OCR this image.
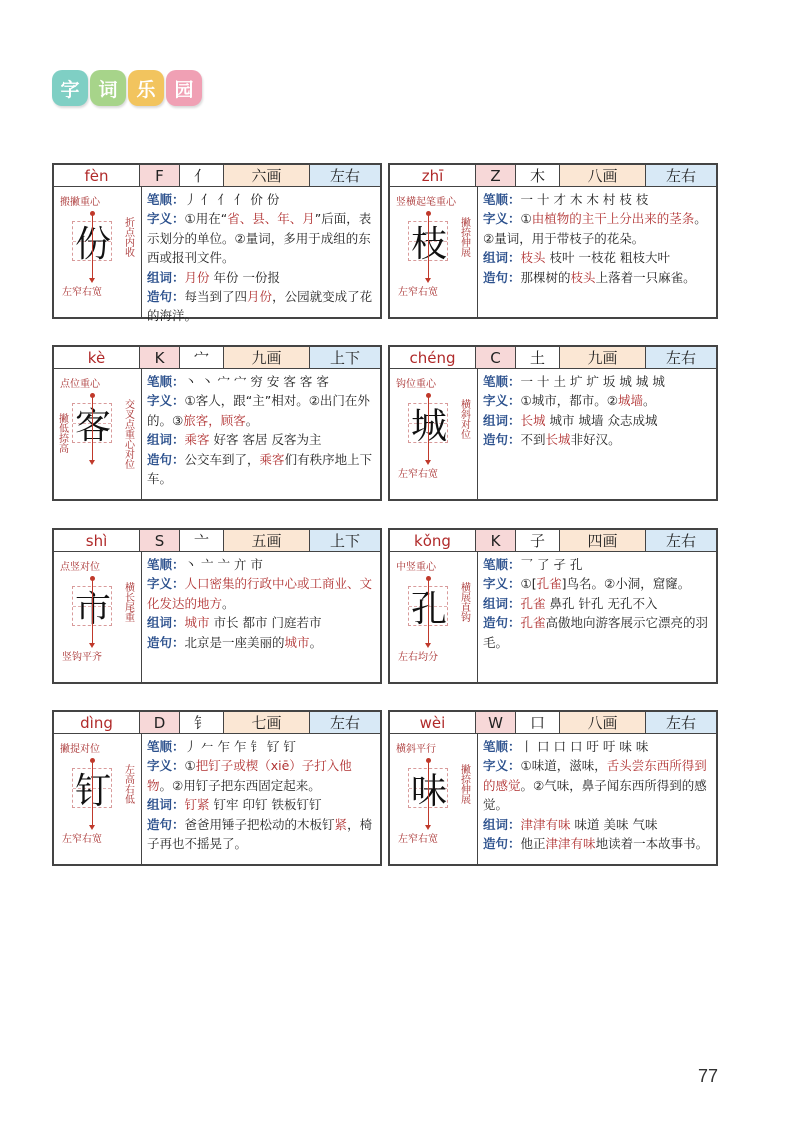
字 词 乐 园
fèn	F	亻	六画	左右
搬撇重心
份 折点内收
左窄右宽
笔顺：丿 亻 亻 亻 价 份
字义：①用在“省、县、年、月”后面，表示划分的单位。②量词，多用于成组的东西或报刊文件。
组词：月份 年份 一份报
造句：每当到了四月份，公园就变成了花的海洋。
zhī	Z	木	八画	左右
竖横起笔重心
枝 撇捺伸展
左窄右宽
笔顺：一 十 才 木 木 村 枝 枝
字义：①由植物的主干上分出来的茎条。②量词，用于带枝子的花朵。
组词：枝头 枝叶 一枝花 粗枝大叶
造句：那棵树的枝头上落着一只麻雀。
kè	K	宀	九画	上下
点位重心
客 交叉点重心对位
撇低捺高
笔顺：丶 丶 宀 宀 穷 安 客 客 客
字义：①客人，跟“主”相对。②出门在外的。③旅客，顾客。
组词：乘客 好客 客居 反客为主
造句：公交车到了，乘客们有秩序地上下车。
chéng	C	土	九画	左右
钩位重心
城 横斜对位
左窄右宽
笔顺：一 十 土 圹 圹 坂 城 城 城
字义：①城市，都市。②城墙。
组词：长城 城市 城墙 众志成城
造句：不到长城非好汉。
shì	S	亠	五画	上下
点竖对位
市 横长尾重
竖钩平齐
笔顺：丶 亠 亠 亣 市
字义：人口密集的行政中心或工商业、文化发达的地方。
组词：城市 市长 都市 门庭若市
造句：北京是一座美丽的城市。
kǒng	K	子	四画	左右
中竖重心
孔 横展直钩
左右均分
笔顺：乛 了 孑 孔
字义：①[孔雀]鸟名。②小洞，窟窿。
组词：孔雀 鼻孔 针孔 无孔不入
造句：孔雀高傲地向游客展示它漂亮的羽毛。
dìng	D	钅	七画	左右
撇提对位
钉 左高右低
左窄右宽
笔顺：丿 𠂉 乍 乍 钅 钌 钉
字义：①把钉子或楔（xiē）子打入他物。②用钉子把东西固定起来。
组词：钉紧 钉牢 印钉 铁板钉钉
造句：爸爸用锤子把松动的木板钉紧，椅子再也不摇晃了。
wèi	W	口	八画	左右
横斜平行
味 撇捺伸展
左窄右宽
笔顺：丨 口 口 口 吁 吁 味 味
字义：①味道，滋味，舌头尝东西所得到的感觉。②气味，鼻子闻东西所得到的感觉。
组词：津津有味 味道 美味 气味
造句：他正津津有味地读着一本故事书。
77
